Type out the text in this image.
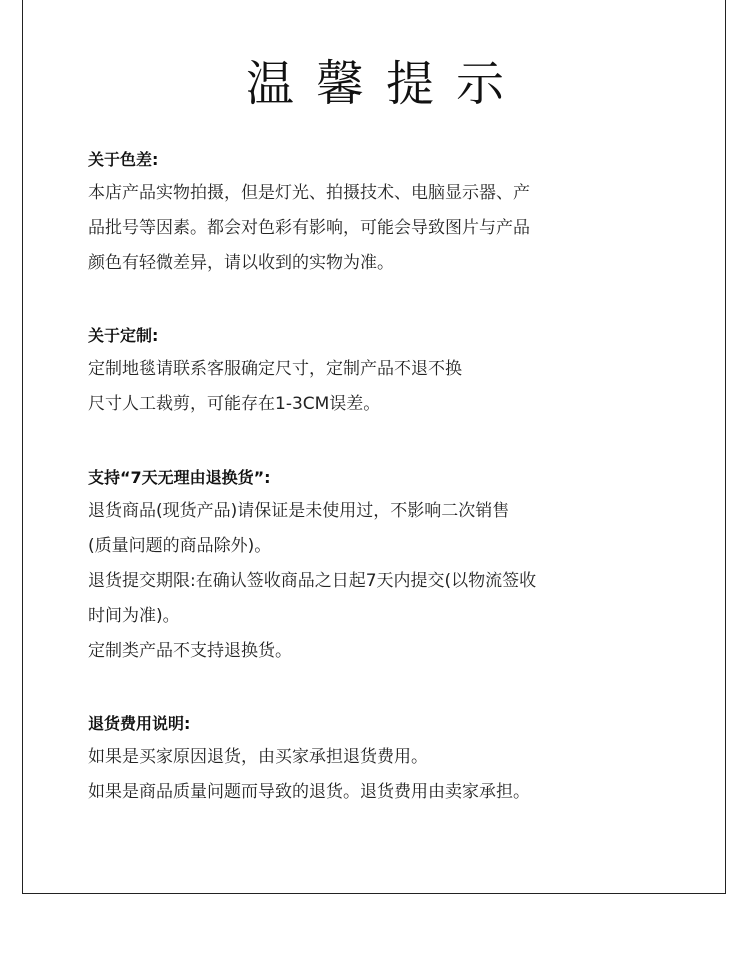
温馨提示

关于色差:

本店产品实物拍摄，但是灯光、拍摄技术、电脑显示器、产

品批号等因素。都会对色彩有影响，可能会导致图片与产品

颜色有轻微差异，请以收到的实物为准。

关于定制:

定制地毯请联系客服确定尺寸，定制产品不退不换

尺寸人工裁剪，可能存在1-3CM误差。

支持“7天无理由退换货”:

退货商品(现货产品)请保证是未使用过，不影响二次销售

(质量问题的商品除外)。

退货提交期限:在确认签收商品之日起7天内提交(以物流签收

时间为准)。

定制类产品不支持退换货。

退货费用说明:

如果是买家原因退货，由买家承担退货费用。

如果是商品质量问题而导致的退货。退货费用由卖家承担。
